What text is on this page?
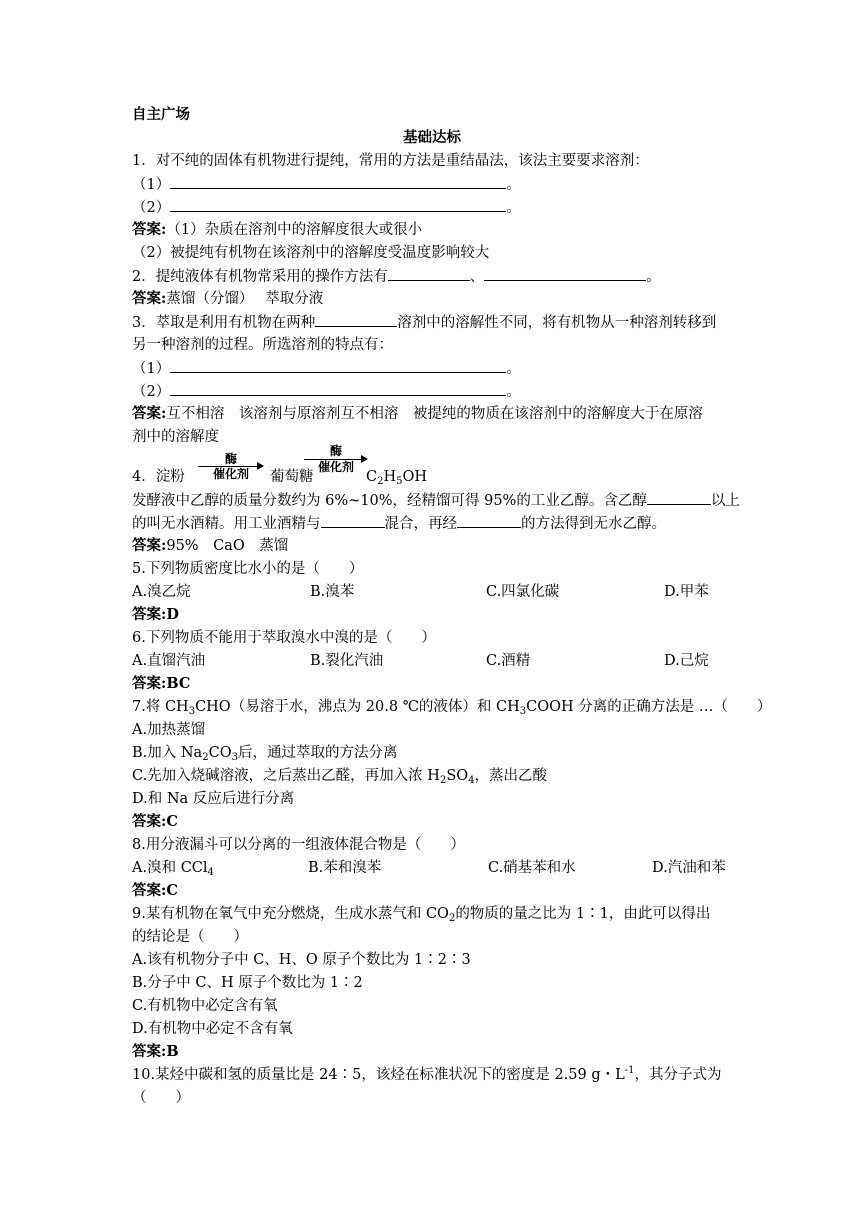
自主广场
基础达标
1．对不纯的固体有机物进行提纯，常用的方法是重结晶法，该法主要要求溶剂：
（1）	。
（2）	。
答案:（1）杂质在溶剂中的溶解度很大或很小
（2）被提纯有机物在该溶剂中的溶解度受温度影响较大
2．提纯液体有机物常采用的操作方法有	、	。
答案:蒸馏（分馏）　 萃取分液
3．萃取是利用有机物在两种	溶剂中的溶解性不同，将有机物从一种溶剂转移到
另一种溶剂的过程。所选溶剂的特点有：
（1）	。
（2）	。
答案:互不相溶　该溶剂与原溶剂互不相溶　被提纯的物质在该溶剂中的溶解度大于在原溶
剂中的溶解度
4．淀粉
酶
催化剂	葡萄糖
酶
催化剂
$C_2H_5OH$
发酵液中乙醇的质量分数约为 6%~10%，经精馏可得 95%的工业乙醇。含乙醇	以上
的叫无水酒精。用工业酒精与	混合，再经	的方法得到无水乙醇。
答案:95%　CaO　蒸馏
5.下列物质密度比水小的是（　　）
A.溴乙烷	B.溴苯	C.四氯化碳	D.甲苯
答案:D
6.下列物质不能用于萃取溴水中溴的是（　　）
A.直馏汽油	B.裂化汽油	C.酒精	D.己烷
答案:BC
7.将 $CH_3CHO$（易溶于水，沸点为 20.8 ℃的液体）和 $CH_3COOH$ 分离的正确方法是 …（　　）
A.加热蒸馏
B.加入 $Na_2CO_3$后，通过萃取的方法分离
C.先加入烧碱溶液，之后蒸出乙醛，再加入浓 $H_2SO_4$，蒸出乙酸
D.和 Na 反应后进行分离
答案:C
8.用分液漏斗可以分离的一组液体混合物是（　　）
A.溴和 CCl$_4$	B.苯和溴苯	C.硝基苯和水	D.汽油和苯
答案:C
9.某有机物在氧气中充分燃烧，生成水蒸气和 $CO_2$的物质的量之比为 1∶1，由此可以得出
的结论是（　　）
A.该有机物分子中 C、H、O 原子个数比为 1∶2∶3
B.分子中 C、H 原子个数比为 1∶2
C.有机物中必定含有氧
D.有机物中必定不含有氧
答案:B
10.某烃中碳和氢的质量比是 24∶5，该烃在标准状况下的密度是 2.59 g・$L^{-1}$，其分子式为
（　　）
